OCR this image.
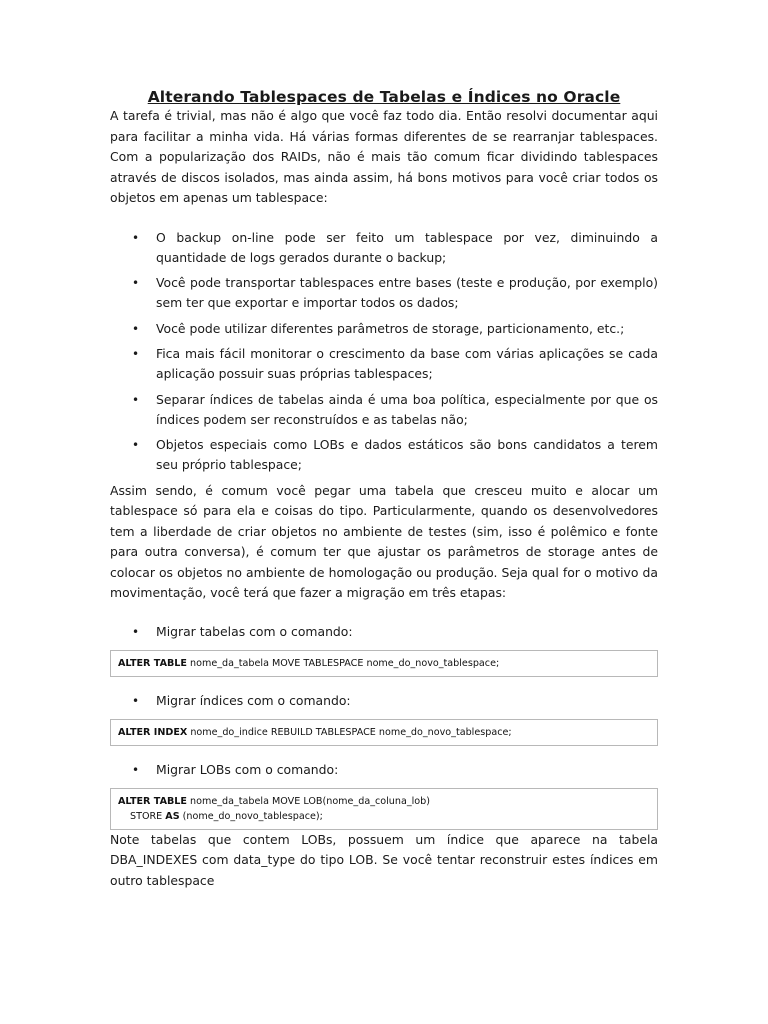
Alterando Tablespaces de Tabelas e Índices no Oracle

A tarefa é trivial, mas não é algo que você faz todo dia. Então resolvi documentar aqui para facilitar a minha vida. Há várias formas diferentes de se rearranjar tablespaces. Com a popularização dos RAIDs, não é mais tão comum ficar dividindo tablespaces através de discos isolados, mas ainda assim, há bons motivos para você criar todos os objetos em apenas um tablespace:

• O backup on-line pode ser feito um tablespace por vez, diminuindo a quantidade de logs gerados durante o backup;
• Você pode transportar tablespaces entre bases (teste e produção, por exemplo) sem ter que exportar e importar todos os dados;
• Você pode utilizar diferentes parâmetros de storage, particionamento, etc.;
• Fica mais fácil monitorar o crescimento da base com várias aplicações se cada aplicação possuir suas próprias tablespaces;
• Separar índices de tabelas ainda é uma boa política, especialmente por que os índices podem ser reconstruídos e as tabelas não;
• Objetos especiais como LOBs e dados estáticos são bons candidatos a terem seu próprio tablespace;

Assim sendo, é comum você pegar uma tabela que cresceu muito e alocar um tablespace só para ela e coisas do tipo. Particularmente, quando os desenvolvedores tem a liberdade de criar objetos no ambiente de testes (sim, isso é polêmico e fonte para outra conversa), é comum ter que ajustar os parâmetros de storage antes de colocar os objetos no ambiente de homologação ou produção. Seja qual for o motivo da movimentação, você terá que fazer a migração em três etapas:

• Migrar tabelas com o comando:
ALTER TABLE nome_da_tabela MOVE TABLESPACE nome_do_novo_tablespace;
• Migrar índices com o comando:
ALTER INDEX nome_do_indice REBUILD TABLESPACE nome_do_novo_tablespace;
• Migrar LOBs com o comando:
ALTER TABLE nome_da_tabela MOVE LOB(nome_da_coluna_lob)
STORE AS (nome_do_novo_tablespace);

Note tabelas que contem LOBs, possuem um índice que aparece na tabela DBA_INDEXES com data_type do tipo LOB. Se você tentar reconstruir estes índices em outro tablespace
